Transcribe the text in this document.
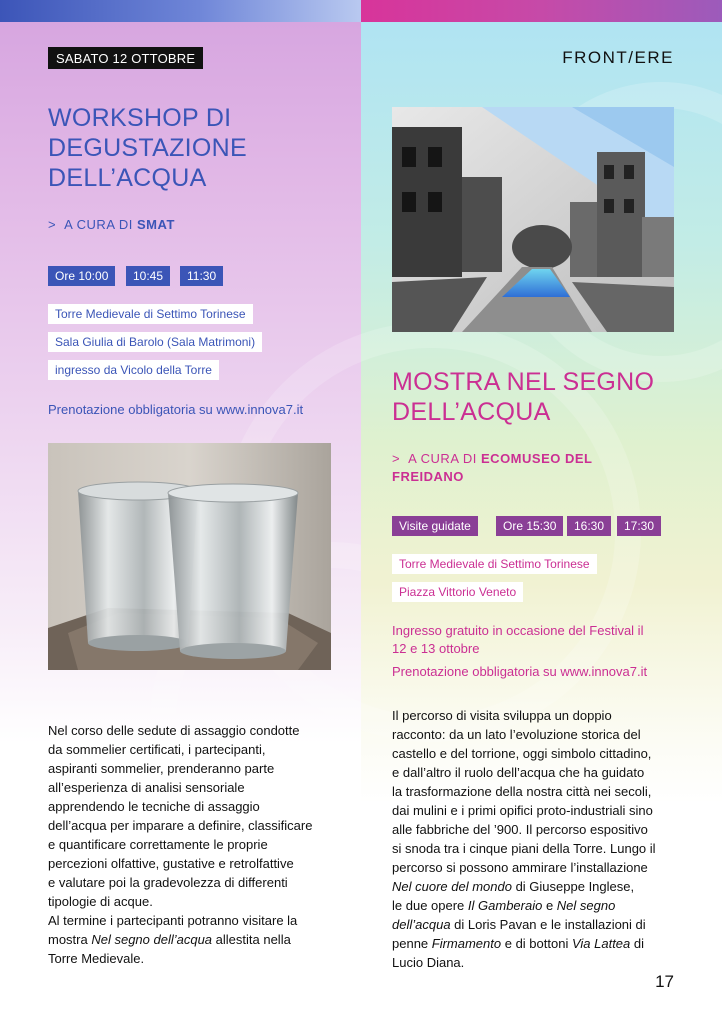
SABATO 12 OTTOBRE	FRONT/ERE
WORKSHOP DI
DEGUSTAZIONE
DELL’ACQUA
> A CURA DI SMAT
Ore 10:00	10:45	11:30
Torre Medievale di Settimo Torinese
Sala Giulia di Barolo (Sala Matrimoni)
ingresso da Vicolo della Torre
Prenotazione obbligatoria su www.innova7.it
Nel corso delle sedute di assaggio condotte
da sommelier certificati, i partecipanti,
aspiranti sommelier, prenderanno parte
all’esperienza di analisi sensoriale
apprendendo le tecniche di assaggio
dell’acqua per imparare a definire, classificare
e quantificare correttamente le proprie
percezioni olfattive, gustative e retrolfattive
e valutare poi la gradevolezza di differenti
tipologie di acque.
Al termine i partecipanti potranno visitare la
mostra Nel segno dell’acqua allestita nella
Torre Medievale.
MOSTRA NEL SEGNO
DELL’ACQUA
> A CURA DI ECOMUSEO DEL FREIDANO
Visite guidate	Ore 15:30	16:30	17:30
Torre Medievale di Settimo Torinese
Piazza Vittorio Veneto
Ingresso gratuito in occasione del Festival il
12 e 13 ottobre
Prenotazione obbligatoria su www.innova7.it
Il percorso di visita sviluppa un doppio
racconto: da un lato l’evoluzione storica del
castello e del torrione, oggi simbolo cittadino,
e dall’altro il ruolo dell’acqua che ha guidato
la trasformazione della nostra città nei secoli,
dai mulini e i primi opifici proto-industriali sino
alle fabbriche del ’900. Il percorso espositivo
si snoda tra i cinque piani della Torre. Lungo il
percorso si possono ammirare l’installazione
Nel cuore del mondo di Giuseppe Inglese,
le due opere Il Gamberaio e Nel segno
dell’acqua di Loris Pavan e le installazioni di
penne Firmamento e di bottoni Via Lattea di
Lucio Diana.
17
